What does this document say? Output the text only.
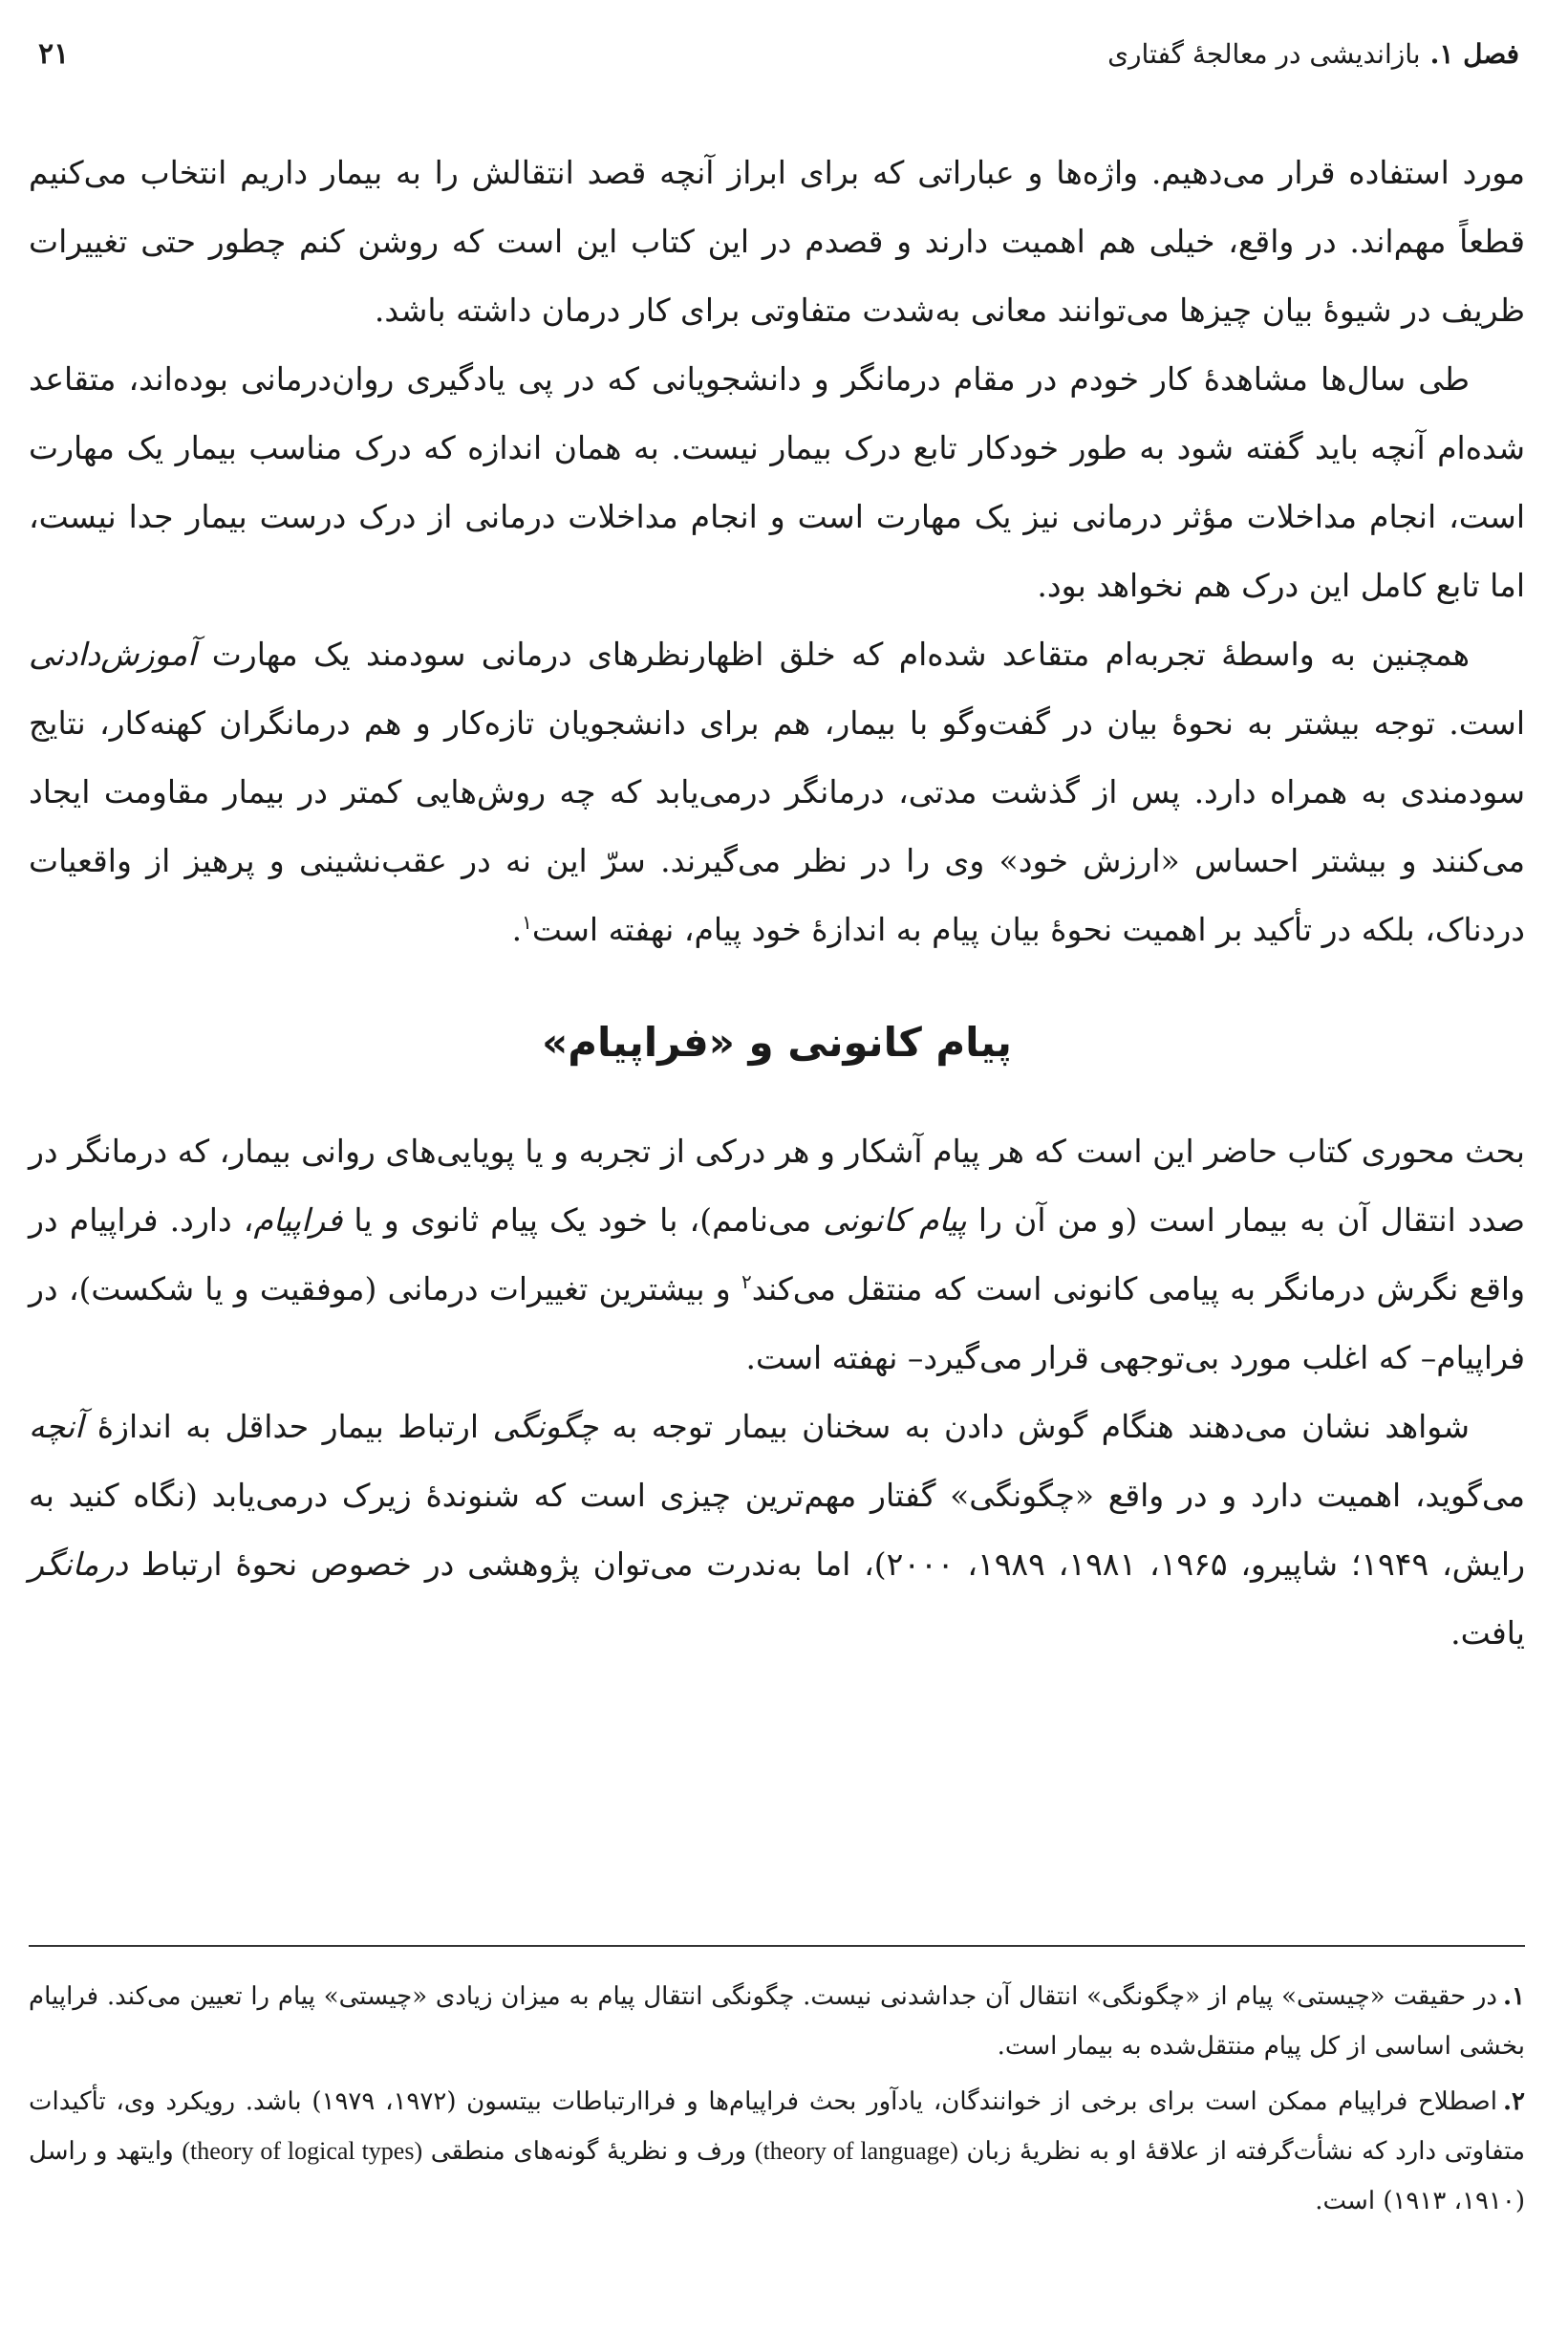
فصل ۱.
بازاندیشی در معالجهٔ گفتاری
۲۱

مورد استفاده قرار می‌دهیم. واژه‌ها و عباراتی که برای ابراز آنچه قصد انتقالش را به بیمار داریم انتخاب می‌کنیم قطعاً مهم‌اند. در واقع، خیلی هم اهمیت دارند و قصدم در این کتاب این است که روشن کنم چطور حتی تغییرات ظریف در شیوهٔ بیان چیزها می‌توانند معانی به‌شدت متفاوتی برای کار درمان داشته باشد.

طی سال‌ها مشاهدهٔ کار خودم در مقام درمانگر و دانشجویانی که در پی یادگیری روان‌درمانی بوده‌اند، متقاعد شده‌ام آنچه باید گفته شود به طور خودکار تابع درک بیمار نیست. به همان اندازه که درک مناسب بیمار یک مهارت است، انجام مداخلات مؤثر درمانی نیز یک مهارت است و انجام مداخلات درمانی از درک درست بیمار جدا نیست، اما تابع کامل این درک هم نخواهد بود.

همچنین به واسطهٔ تجربه‌ام متقاعد شده‌ام که خلق اظهارنظرهای درمانی سودمند یک مهارت آموزش‌دادنی است. توجه بیشتر به نحوهٔ بیان در گفت‌وگو با بیمار، هم برای دانشجویان تازه‌کار و هم درمانگران کهنه‌کار، نتایج سودمندی به همراه دارد. پس از گذشت مدتی، درمانگر درمی‌یابد که چه روش‌هایی کمتر در بیمار مقاومت ایجاد می‌کنند و بیشتر احساس «ارزش خود» وی را در نظر می‌گیرند. سرّ این نه در عقب‌نشینی و پرهیز از واقعیات دردناک، بلکه در تأکید بر اهمیت نحوهٔ بیان پیام به اندازهٔ خود پیام، نهفته است$^۱$.

پیام کانونی و «فراپیام»

بحث محوری کتاب حاضر این است که هر پیام آشکار و هر درکی از تجربه و یا پویایی‌های روانی بیمار، که درمانگر در صدد انتقال آن به بیمار است (و من آن را پیام کانونی می‌نامم)، با خود یک پیام ثانوی و یا فراپیام، دارد. فراپیام در واقع نگرش درمانگر به پیامی کانونی است که منتقل می‌کند$^۲$ و بیشترین تغییرات درمانی (موفقیت و یا شکست)، در فراپیام– که اغلب مورد بی‌توجهی قرار می‌گیرد– نهفته است.

شواهد نشان می‌دهند هنگام گوش دادن به سخنان بیمار توجه به چگونگی ارتباط بیمار حداقل به اندازهٔ آنچه می‌گوید، اهمیت دارد و در واقع «چگونگی» گفتار مهم‌ترین چیزی است که شنوندهٔ زیرک درمی‌یابد (نگاه کنید به رایش، ۱۹۴۹؛ شاپیرو، ۱۹۶۵، ۱۹۸۱، ۱۹۸۹، ۲۰۰۰)، اما به‌ندرت می‌توان پژوهشی در خصوص نحوهٔ ارتباط درمانگر یافت.

۱.در حقیقت «چیستی» پیام از «چگونگی» انتقال آن جداشدنی نیست. چگونگی انتقال پیام به میزان زیادی «چیستی» پیام را تعیین می‌کند. فراپیام بخشی اساسی از کل پیام منتقل‌شده به بیمار است.

۲.اصطلاح فراپیام ممکن است برای برخی از خوانندگان، یادآور بحث فراپیام‌ها و فراارتباطات بیتسون (۱۹۷۲، ۱۹۷۹) باشد. رویکرد وی، تأکیدات متفاوتی دارد که نشأت‌گرفته از علاقهٔ او به نظریهٔ زبان (theory of language) ورف و نظریهٔ گونه‌های منطقی (theory of logical types) وایتهد و راسل (۱۹۱۰، ۱۹۱۳) است.
